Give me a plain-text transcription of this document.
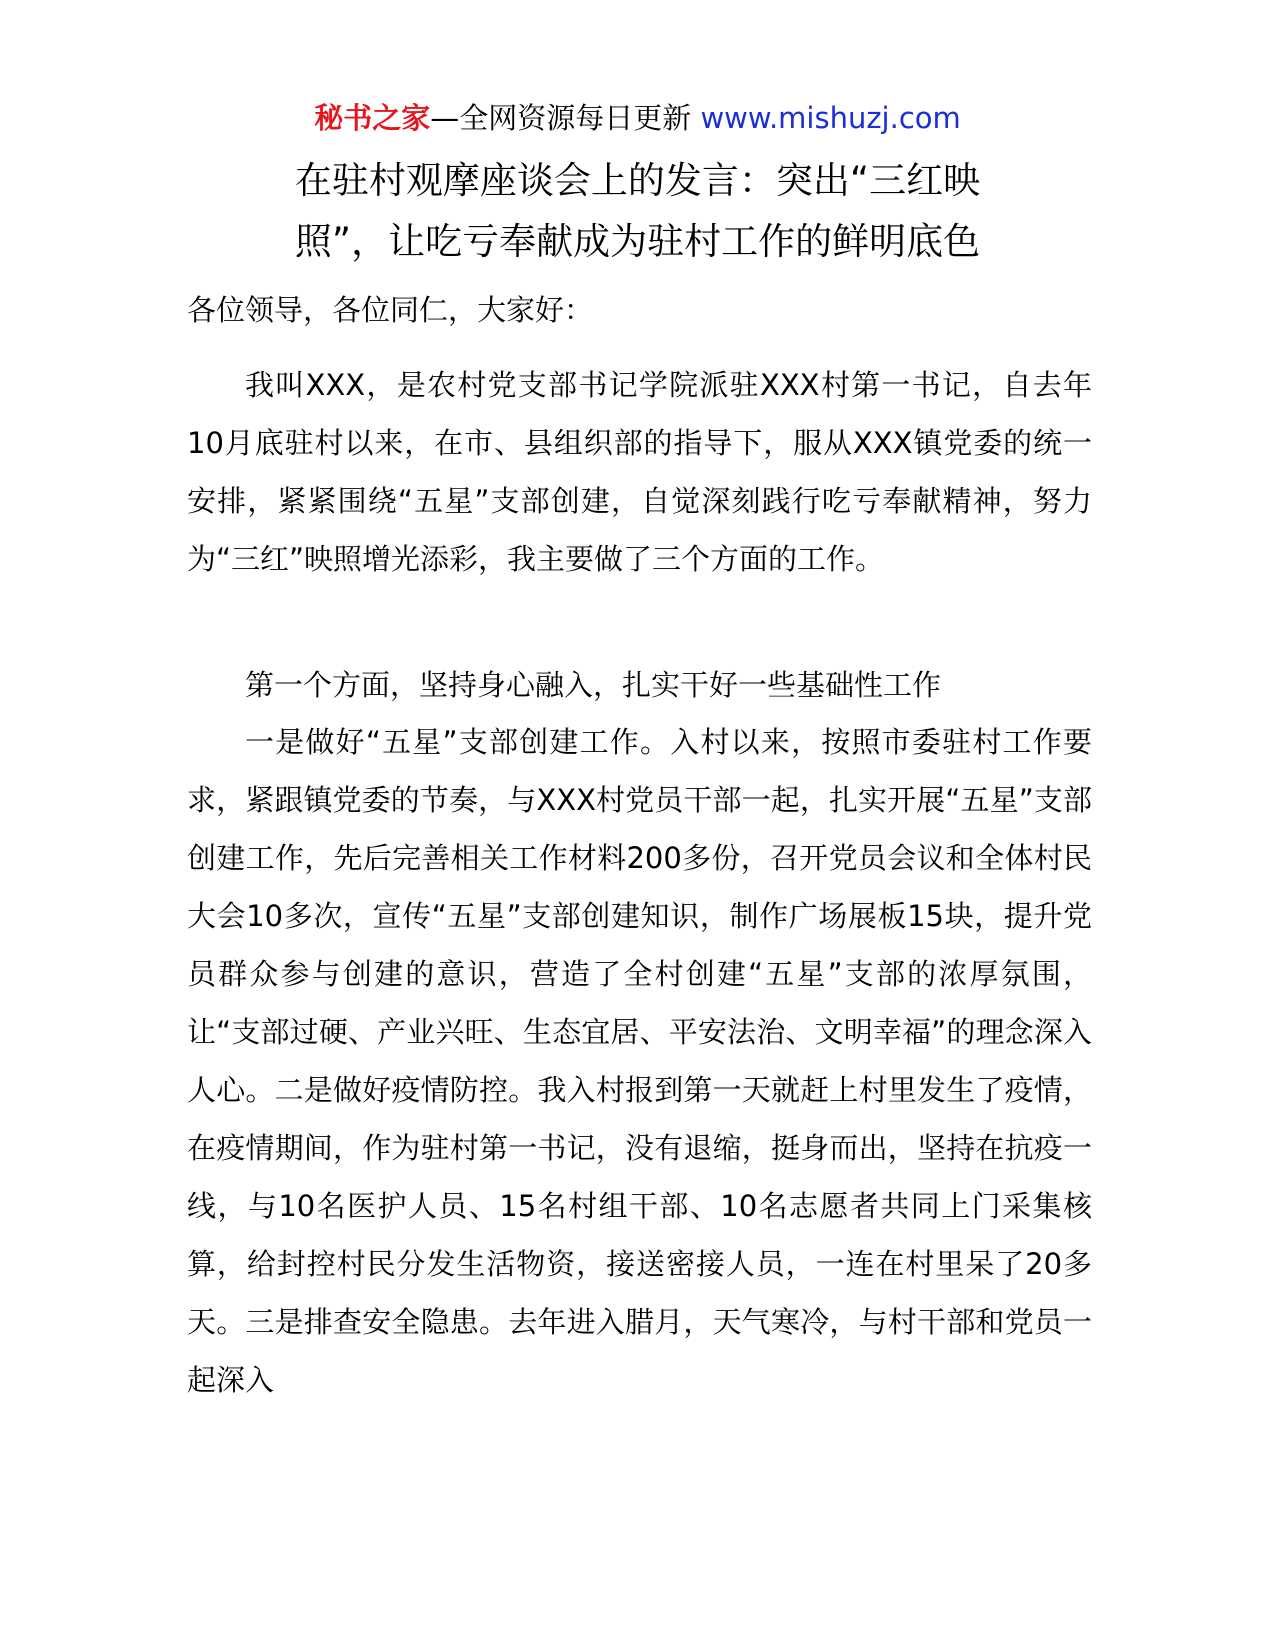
秘书之家—全网资源每日更新 www.mishuzj.com
在驻村观摩座谈会上的发言：突出“三红映
照”，让吃亏奉献成为驻村工作的鲜明底色

各位领导，各位同仁，大家好：

我叫XXX，是农村党支部书记学院派驻XXX村第一书记，自去年10月底驻村以来，在市、县组织部的指导下，服从XXX镇党委的统一安排，紧紧围绕“五星”支部创建，自觉深刻践行吃亏奉献精神，努力为“三红”映照增光添彩，我主要做了三个方面的工作。

第一个方面，坚持身心融入，扎实干好一些基础性工作

一是做好“五星”支部创建工作。入村以来，按照市委驻村工作要求，紧跟镇党委的节奏，与XXX村党员干部一起，扎实开展“五星”支部创建工作，先后完善相关工作材料200多份，召开党员会议和全体村民大会10多次，宣传“五星”支部创建知识，制作广场展板15块，提升党员群众参与创建的意识，营造了全村创建“五星”支部的浓厚氛围，让“支部过硬、产业兴旺、生态宜居、平安法治、文明幸福”的理念深入人心。二是做好疫情防控。我入村报到第一天就赶上村里发生了疫情，在疫情期间，作为驻村第一书记，没有退缩，挺身而出，坚持在抗疫一线，与10名医护人员、15名村组干部、10名志愿者共同上门采集核算，给封控村民分发生活物资，接送密接人员，一连在村里呆了20多天。三是排查安全隐患。去年进入腊月，天气寒冷，与村干部和党员一起深入
